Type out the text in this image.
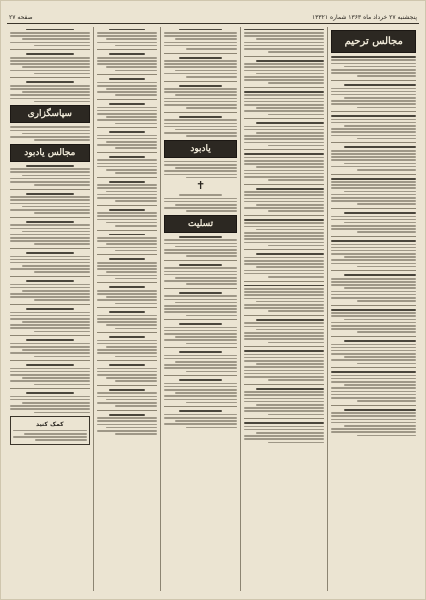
پنجشنبه ۲۷ خرداد ماه ۱۳۶۳ شماره ۱۳۳۲۱
صفحه ۲۷
مجالس ترحیم
یادبود
✝
تسلیت
سپاسگزاری
مجالس یادبود
کمک کنید
